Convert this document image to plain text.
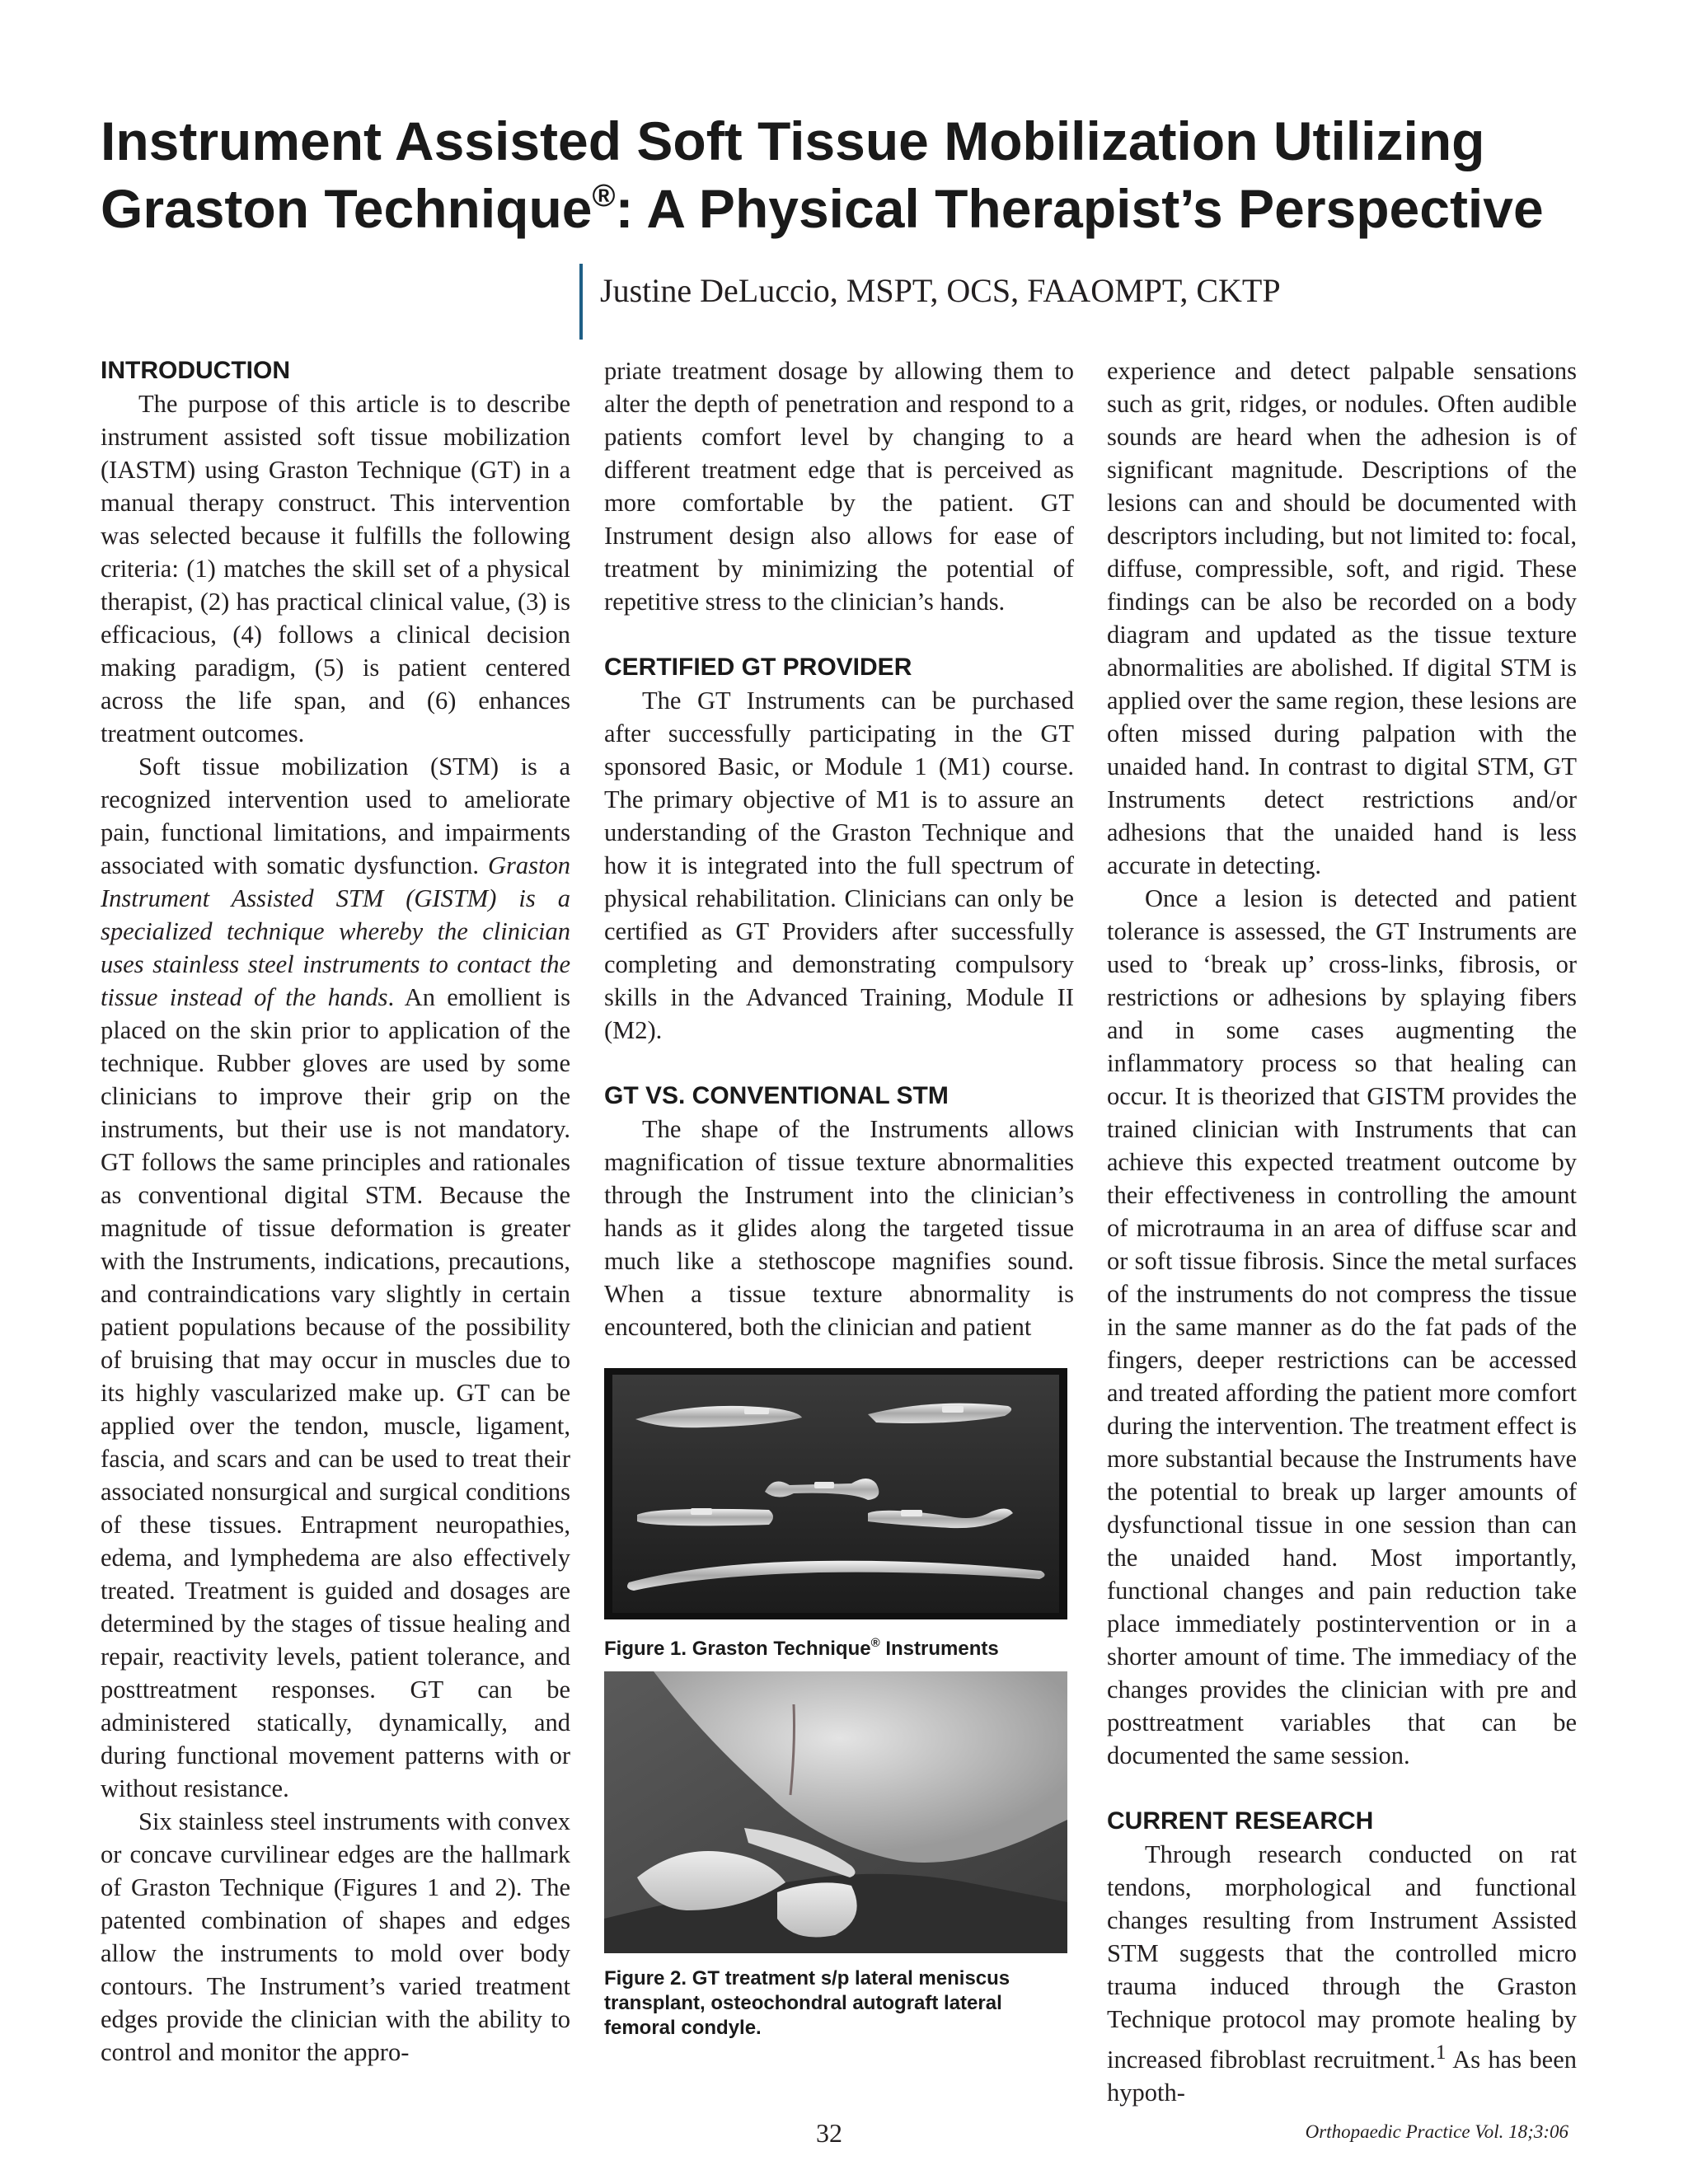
Instrument Assisted Soft Tissue Mobilization Utilizing
Graston Technique®: A Physical Therapist’s Perspective
Justine DeLuccio, MSPT, OCS, FAAOMPT, CKTP
INTRODUCTION

The purpose of this article is to describe instrument assisted soft tissue mobilization (IASTM) using Graston Technique (GT) in a manual therapy construct. This intervention was selected because it fulfills the following criteria: (1) matches the skill set of a physical therapist, (2) has practical clinical value, (3) is efficacious, (4) follows a clinical decision making paradigm, (5) is patient centered across the life span, and (6) enhances treatment outcomes.

Soft tissue mobilization (STM) is a recognized intervention used to ameliorate pain, functional limitations, and impairments associated with somatic dysfunction. Graston Instrument Assisted STM (GISTM) is a specialized technique whereby the clinician uses stainless steel instruments to contact the tissue instead of the hands. An emollient is placed on the skin prior to application of the technique. Rubber gloves are used by some clinicians to improve their grip on the instruments, but their use is not mandatory. GT follows the same principles and rationales as conventional digital STM. Because the magnitude of tissue deformation is greater with the Instruments, indications, precautions, and contraindications vary slightly in certain patient populations because of the possibility of bruising that may occur in muscles due to its highly vascularized make up. GT can be applied over the tendon, muscle, ligament, fascia, and scars and can be used to treat their associated nonsurgical and surgical conditions of these tissues. Entrapment neuropathies, edema, and lymphedema are also effectively treated. Treatment is guided and dosages are determined by the stages of tissue healing and repair, reactivity levels, patient tolerance, and posttreatment responses. GT can be administered statically, dynamically, and during functional movement patterns with or without resistance.

Six stainless steel instruments with convex or concave curvilinear edges are the hallmark of Graston Technique (Figures 1 and 2). The patented combination of shapes and edges allow the instruments to mold over body contours. The Instrument’s varied treatment edges provide the clinician with the ability to control and monitor the appro-

priate treatment dosage by allowing them to alter the depth of penetration and respond to a patients comfort level by changing to a different treatment edge that is perceived as more comfortable by the patient. GT Instrument design also allows for ease of treatment by minimizing the potential of repetitive stress to the clinician’s hands.

CERTIFIED GT PROVIDER

The GT Instruments can be purchased after successfully participating in the GT sponsored Basic, or Module 1 (M1) course. The primary objective of M1 is to assure an understanding of the Graston Technique and how it is integrated into the full spectrum of physical rehabilitation. Clinicians can only be certified as GT Providers after successfully completing and demonstrating compulsory skills in the Advanced Training, Module II (M2).

GT VS. CONVENTIONAL STM

The shape of the Instruments allows magnification of tissue texture abnormalities through the Instrument into the clinician’s hands as it glides along the targeted tissue much like a stethoscope magnifies sound. When a tissue texture abnormality is encountered, both the clinician and patient

Figure 1. Graston Technique® Instruments
Figure 2. GT treatment s/p lateral meniscus transplant, osteochondral autograft lateral femoral condyle.

experience and detect palpable sensations such as grit, ridges, or nodules. Often audible sounds are heard when the adhesion is of significant magnitude. Descriptions of the lesions can and should be documented with descriptors including, but not limited to: focal, diffuse, compressible, soft, and rigid. These findings can be also be recorded on a body diagram and updated as the tissue texture abnormalities are abolished. If digital STM is applied over the same region, these lesions are often missed during palpation with the unaided hand. In contrast to digital STM, GT Instruments detect restrictions and/or adhesions that the unaided hand is less accurate in detecting.

Once a lesion is detected and patient tolerance is assessed, the GT Instruments are used to ‘break up’ cross-links, fibrosis, or restrictions or adhesions by splaying fibers and in some cases augmenting the inflammatory process so that healing can occur. It is theorized that GISTM provides the trained clinician with Instruments that can achieve this expected treatment outcome by their effectiveness in controlling the amount of microtrauma in an area of diffuse scar and or soft tissue fibrosis. Since the metal surfaces of the instruments do not compress the tissue in the same manner as do the fat pads of the fingers, deeper restrictions can be accessed and treated affording the patient more comfort during the intervention. The treatment effect is more substantial because the Instruments have the potential to break up larger amounts of dysfunctional tissue in one session than can the unaided hand. Most importantly, functional changes and pain reduction take place immediately postintervention or in a shorter amount of time. The immediacy of the changes provides the clinician with pre and posttreatment variables that can be documented the same session.

CURRENT RESEARCH

Through research conducted on rat tendons, morphological and functional changes resulting from Instrument Assisted STM suggests that the controlled micro trauma induced through the Graston Technique protocol may promote healing by increased fibroblast recruitment.$^1$ As has been hypoth-

32	Orthopaedic Practice Vol. 18;3:06
